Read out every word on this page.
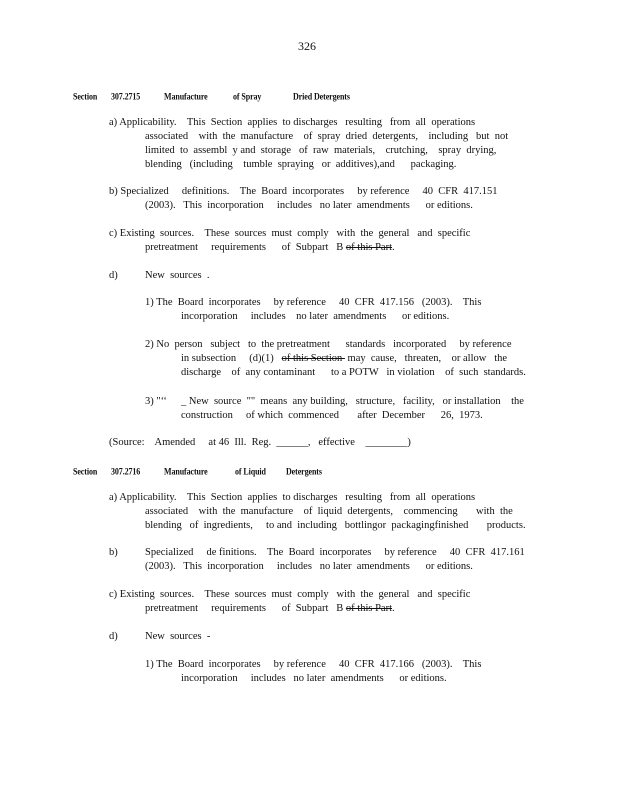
326
Section 307.2715	Manufacture	of Spray	Dried Detergents
a) Applicability.    This  Section  applies  to discharges   resulting   from  all  operations
associated    with  the  manufacture    of  spray  dried  detergents,    including   but  not
limited  to  assembl  y and  storage   of  raw  materials,    crutching,    spray  drying,
blending   (including    tumble  spraying   or  additives),and      packaging.
b) Specialized     definitions.    The  Board  incorporates     by reference     40  CFR  417.151
(2003).   This  incorporation     includes   no later  amendments      or editions.
c) Existing  sources.    These  sources  must  comply   with  the  general   and  specific
pretreatment     requirements      of  Subpart   B of this Part.
d)	New  sources  .
1) The  Board  incorporates     by reference     40  CFR  417.156   (2003).    This
incorporation     includes    no later  amendments      or editions.
2) No  person   subject   to  the pretreatment      standards   incorporated     by reference
in subsection     (d)(1)   of this Section  may  cause,   threaten,    or allow   the
discharge    of  any contaminant      to a POTW   in violation    of  such  standards.
3) "‘‘ _ New  source  ""  means  any building,   structure,   facility,   or installation    the
construction     of which  commenced       after  December      26,  1973.
(Source:    Amended     at 46  Ill.  Reg.  ______,   effective    ________)
Section 307.2716	Manufacture	of Liquid	Detergents
a) Applicability.    This  Section  applies  to discharges   resulting   from  all  operations
associated    with  the  manufacture    of  liquid  detergents,    commencing       with  the
blending   of  ingredients,     to and  including   bottlingor  packagingfinished       products.
b)	Specialized     de finitions.    The  Board  incorporates     by reference     40  CFR  417.161
(2003).   This  incorporation     includes   no later  amendments      or editions.
c) Existing  sources.    These  sources  must  comply   with  the  general   and  specific
pretreatment     requirements      of  Subpart   B of this Part.
d)	New  sources  -
1) The  Board  incorporates     by reference     40  CFR  417.166   (2003).    This
incorporation     includes   no later  amendments      or editions.
